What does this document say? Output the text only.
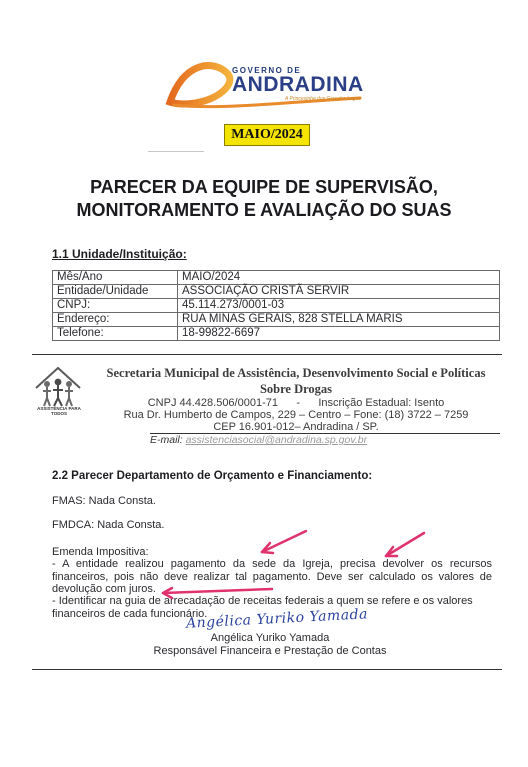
GOVERNO DE
ANDRADINA
A Princesinha dos Grandes Lagos
MAIO/2024
PARECER DA EQUIPE DE SUPERVISÃO, MONITORAMENTO E AVALIAÇÃO DO SUAS
1.1 Unidade/Instituição:
Mês/Ano	MAIO/2024
Entidade/Unidade	ASSOCIAÇÃO CRISTÃ SERVIR
CNPJ:	45.114.273/0001-03
Endereço:	RUA MINAS GERAIS, 828 STELLA MARIS
Telefone:	18-99822-6697
ASSISTÊNCIA PARA TODOS
Secretaria Municipal de Assistência, Desenvolvimento Social e Políticas Sobre Drogas
CNPJ 44.428.506/0001-71      -      Inscrição Estadual: Isento
Rua Dr. Humberto de Campos, 229 – Centro – Fone: (18) 3722 – 7259
CEP 16.901-012– Andradina / SP.
E-mail: assistenciasocial@andradina.sp.gov.br
2.2 Parecer Departamento de Orçamento e Financiamento:
FMAS: Nada Consta.
FMDCA: Nada Consta.
Emenda Impositiva:
- A entidade realizou pagamento da sede da Igreja, precisa devolver os recursos financeiros, pois não deve realizar tal pagamento. Deve ser calculado os valores de devolução com juros.
- Identificar na guia de arrecadação de receitas federais a quem se refere e os valores financeiros de cada funcionário.
Angélica Yuriko Yamada
Angélica Yuriko Yamada
Responsável Financeira e Prestação de Contas
